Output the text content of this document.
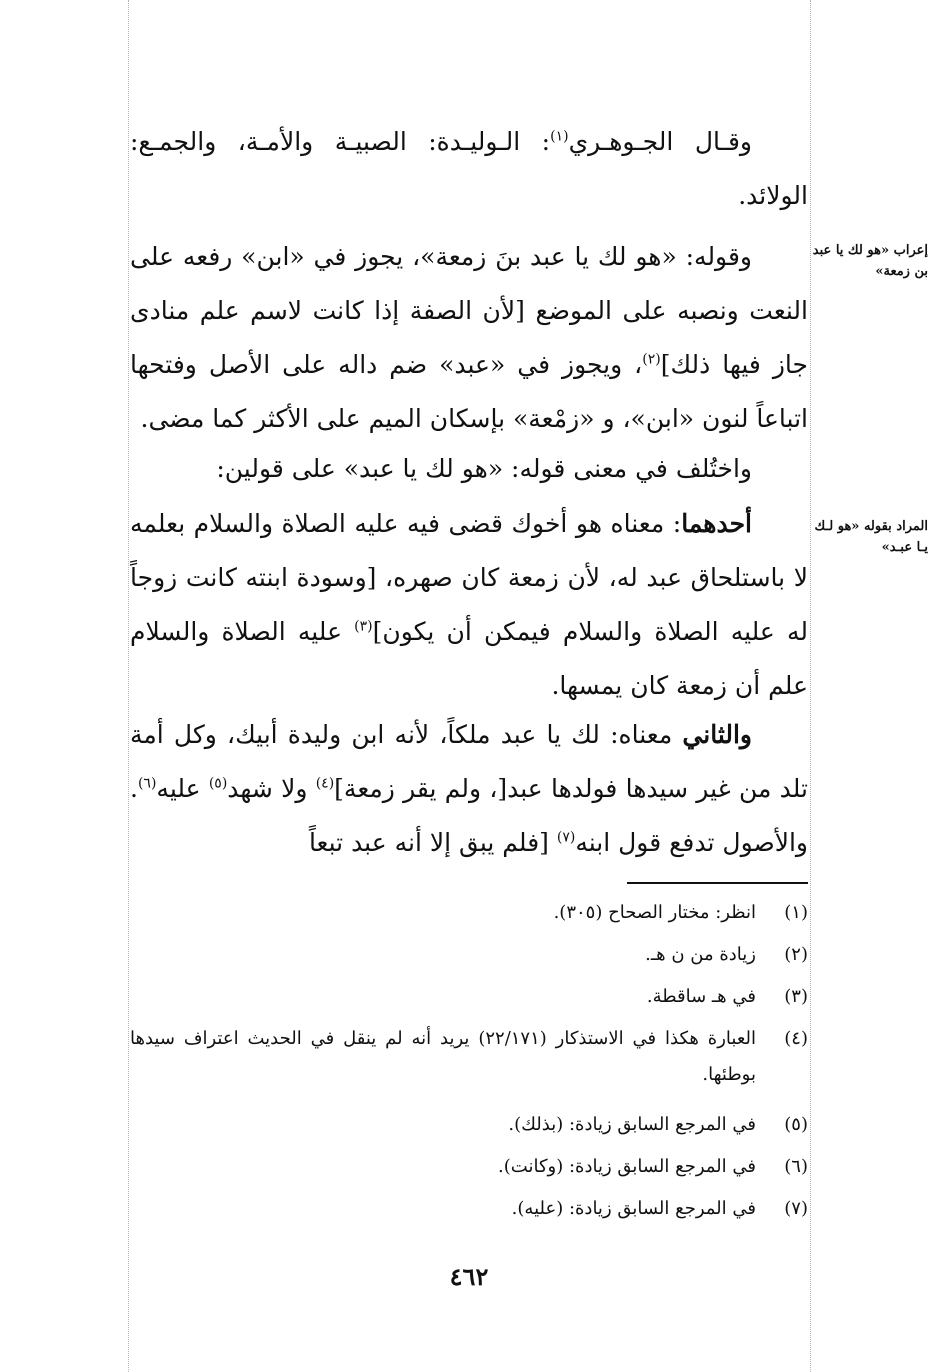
وقـال الجـوهـري$^{(١)}$: الـوليـدة: الصبيـة والأمـة، والجمـع: الولائد.

إعراب «هو لك يا عبد بن زمعة»

وقوله: «هو لك يا عبد بنَ زمعة»، يجوز في «ابن» رفعه على النعت ونصبه على الموضع [لأن الصفة إذا كانت لاسم علم منادى جاز فيها ذلك]$^{(٢)}$، ويجوز في «عبد» ضم داله على الأصل وفتحها اتباعاً لنون «ابن»، و «زمْعة» بإسكان الميم على الأكثر كما مضى.

واختُلف في معنى قوله: «هو لك يا عبد» على قولين:

المراد بقوله «هو لـك يـا عبـد»

أحدهما: معناه هو أخوك قضى فيه عليه الصلاة والسلام بعلمه لا باستلحاق عبد له، لأن زمعة كان صهره، [وسودة ابنته كانت زوجاً له عليه الصلاة والسلام فيمكن أن يكون]$^{(٣)}$ عليه الصلاة والسلام علم أن زمعة كان يمسها.

والثاني معناه: لك يا عبد ملكاً، لأنه ابن وليدة أبيك، وكل أمة تلد من غير سيدها فولدها عبد[، ولم يقر زمعة]$^{(٤)}$ ولا شهد$^{(٥)}$ عليه$^{(٦)}$. والأصول تدفع قول ابنه$^{(٧)}$ [فلم يبق إلا أنه عبد تبعاً

(١)
انظر: مختار الصحاح (٣٠٥).
(٢)
زيادة من ن هـ.
(٣)
في هـ ساقطة.
(٤)
العبارة هكذا في الاستذكار (٢٢/١٧١) يريد أنه لم ينقل في الحديث اعتراف سيدها بوطئها.
(٥)
في المرجع السابق زيادة: (بذلك).
(٦)
في المرجع السابق زيادة: (وكانت).
(٧)
في المرجع السابق زيادة: (عليه).
٤٦٢
